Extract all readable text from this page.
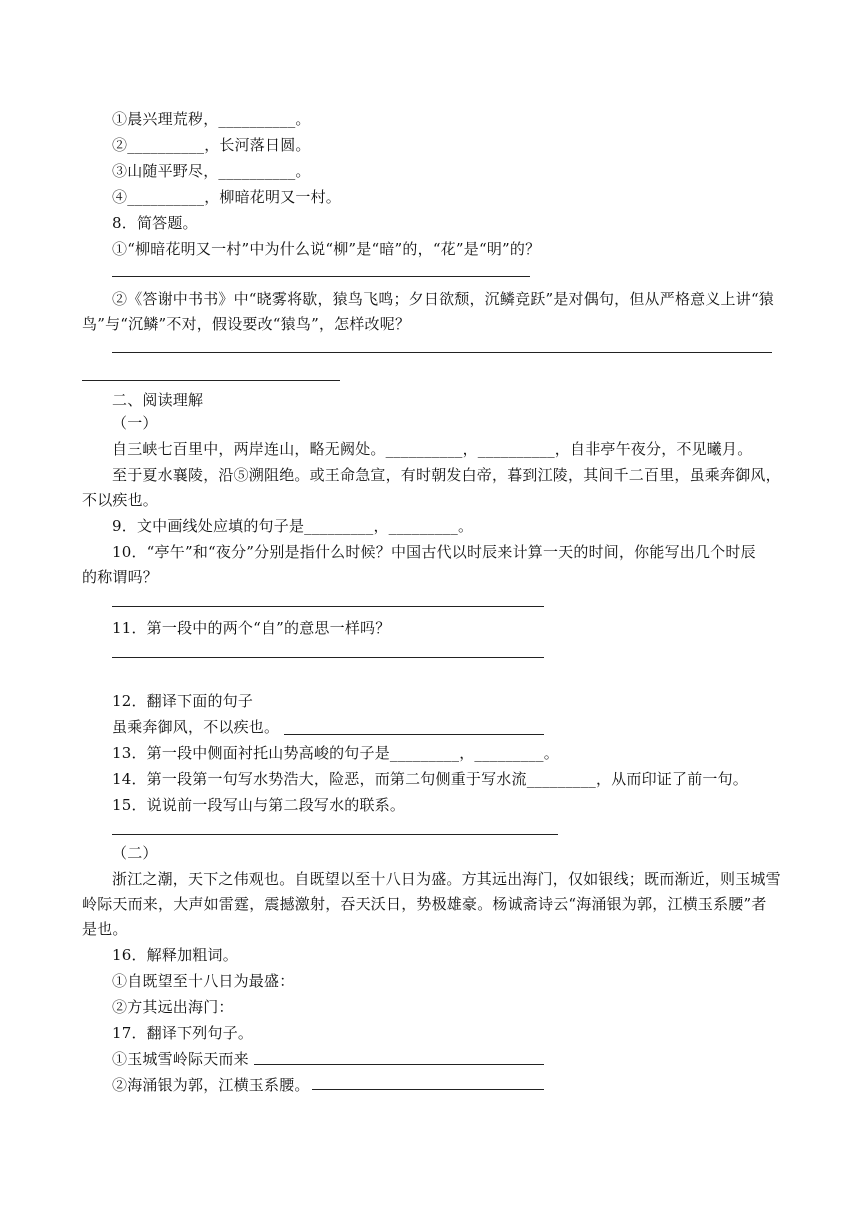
①晨兴理荒秽，__________。
②__________，长河落日圆。
③山随平野尽，__________。
④__________，柳暗花明又一村。
8．简答题。
①“柳暗花明又一村”中为什么说“柳”是“暗”的，“花”是“明”的？
②《答谢中书书》中“晓雾将歇，猿鸟飞鸣；夕日欲颓，沉鳞竞跃”是对偶句，但从严格意义上讲“猿
鸟”与“沉鳞”不对，假设要改“猿鸟”，怎样改呢？
二、阅读理解
（一）
自三峡七百里中，两岸连山，略无阙处。__________，__________，自非亭午夜分，不见曦月。
至于夏水襄陵，沿⑤溯阻绝。或王命急宣，有时朝发白帝，暮到江陵，其间千二百里，虽乘奔御风，
不以疾也。
9．文中画线处应填的句子是_________，_________。
10．“亭午”和“夜分”分别是指什么时候？中国古代以时辰来计算一天的时间，你能写出几个时辰
的称谓吗？
11．第一段中的两个“自”的意思一样吗？
12．翻译下面的句子
虽乘奔御风，不以疾也。
13．第一段中侧面衬托山势高峻的句子是_________，_________。
14．第一段第一句写水势浩大，险恶，而第二句侧重于写水流_________，从而印证了前一句。
15．说说前一段写山与第二段写水的联系。
（二）
浙江之潮，天下之伟观也。自既望以至十八日为盛。方其远出海门，仅如银线；既而渐近，则玉城雪
岭际天而来，大声如雷霆，震撼激射，吞天沃日，势极雄豪。杨诚斋诗云“海涌银为郭，江横玉系腰”者
是也。
16．解释加粗词。
①自既望至十八日为最盛：
②方其远出海门：
17．翻译下列句子。
①玉城雪岭际天而来
②海涌银为郭，江横玉系腰。
